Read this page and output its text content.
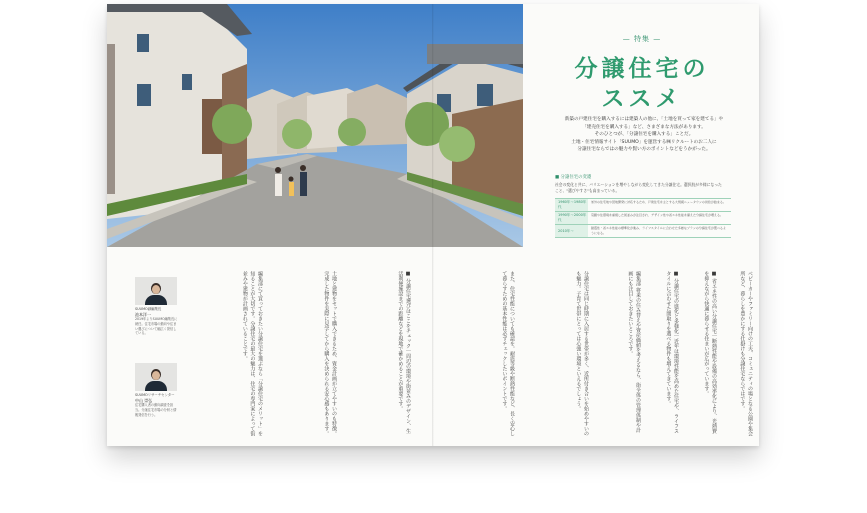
— 特集 —
分譲住宅の
ススメ
新築の戸建住宅を購入するには建築人の他に、「土地を買って家を建てる」や
「建売住宅を購入する」など、さまざまな方法があります。
そのひとつが、「分譲住宅を購入する」ことだ。
土地・住宅情報サイト「SUUMO」を運営する㈱リクルートのお二人に
分譲住宅ならではの魅力や賢い方のポイントなどをうかがった。
■ 分譲住宅の変遷
社会の変化と共に、バリエーションを増やしながら変化してきた分譲住宅。選択肢が多様になったこと、"選びやすさ"も高まっている。
1960年〜1980年代
郊外の住宅地や団地開発に対応するため、戸建住宅を主とする大規模ニュータウンの供給が始まる。
1990年〜2000年代
景観や住環境を重視した街並みが注目され、デザイン性や省エネ性能を備えた分譲住宅が増える。
2010年〜
耐震性・省エネ性能の標準化が進み、ライフスタイルに合わせた多様なプランの分譲住宅が選べるようになる。
SUUMO副編集長
池本洋一
2019年よりSUUMO編集長に就任。住宅市場の動向や住まい選びについて幅広く発信している。
SUUMOリサーチセンター
中山 崇弘
住宅購入者の動向調査を担当。分譲住宅市場の分析と情報発信を行う。	編集部にて買っておきたい分譲住宅を選ぶなら「分譲住宅のメリット」を知ることが大切です。分譲住宅の最大の魅力は、住宅の専門家によって街並みや建物が計画されていることです。	土地と建物をセットで購入できるため、資金計画が立てやすいのも特徴。完成した物件を実際に見学してから購入を決められる安心感もあります。	■ 分譲住宅選びはここをチェック｜周辺の環境や街並みのデザイン、生活利便施設までの距離などを現地で確かめることが重要です。	また、住宅性能についても確認を。耐震等級や断熱性能など、長く安心して暮らすための基本性能は必ずチェックしたいポイントです。	分譲住宅は同じ時期に入居する世帯が多く、近所付き合いを始めやすいのも魅力。子育て世帯にとっては心強い環境といえるでしょう。	編集部 将来の住み替えや資産価値を考えるなら、街全体の管理体制や計画にも注目しておきたいところです。	■ 分譲住宅の進化と多様化｜近年は環境性能を高めた住宅や、ライフスタイルに合わせた間取りを選べる物件も増えてきています。	■ 省エネ性の高い分譲住宅｜断熱性能や設備の高効率化により、光熱費を抑えながら快適に暮らせる住まいが広がっています。	ベビーカーやファミリー向けの工夫、コミュニティの場となる公園や集会所など、暮らしを豊かにする仕掛けも分譲住宅ならではです。
